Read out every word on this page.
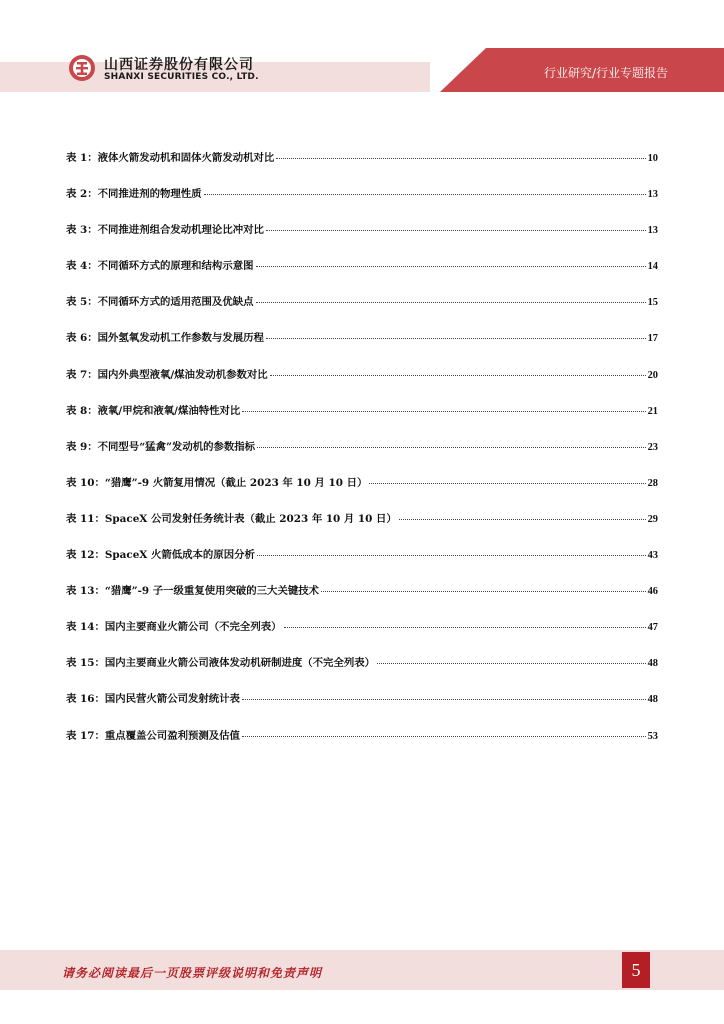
山西证券股份有限公司
SHANXI SECURITIES CO., LTD.	行业研究/行业专题报告
表 1： 液体火箭发动机和固体火箭发动机对比	10
表 2： 不同推进剂的物理性质	13
表 3： 不同推进剂组合发动机理论比冲对比	13
表 4： 不同循环方式的原理和结构示意图	14
表 5： 不同循环方式的适用范围及优缺点	15
表 6： 国外氢氧发动机工作参数与发展历程	17
表 7： 国内外典型液氧/煤油发动机参数对比	20
表 8： 液氧/甲烷和液氧/煤油特性对比	21
表 9： 不同型号“猛禽”发动机的参数指标	23
表 10： “猎鹰”-9 火箭复用情况（截止 2023 年 10 月 10 日）	28
表 11： SpaceX 公司发射任务统计表（截止 2023 年 10 月 10 日）	29
表 12： SpaceX 火箭低成本的原因分析	43
表 13： “猎鹰”-9 子一级重复使用突破的三大关键技术	46
表 14： 国内主要商业火箭公司（不完全列表）	47
表 15： 国内主要商业火箭公司液体发动机研制进度（不完全列表）	48
表 16： 国内民营火箭公司发射统计表	48
表 17： 重点覆盖公司盈利预测及估值	53
请务必阅读最后一页股票评级说明和免责声明	5
